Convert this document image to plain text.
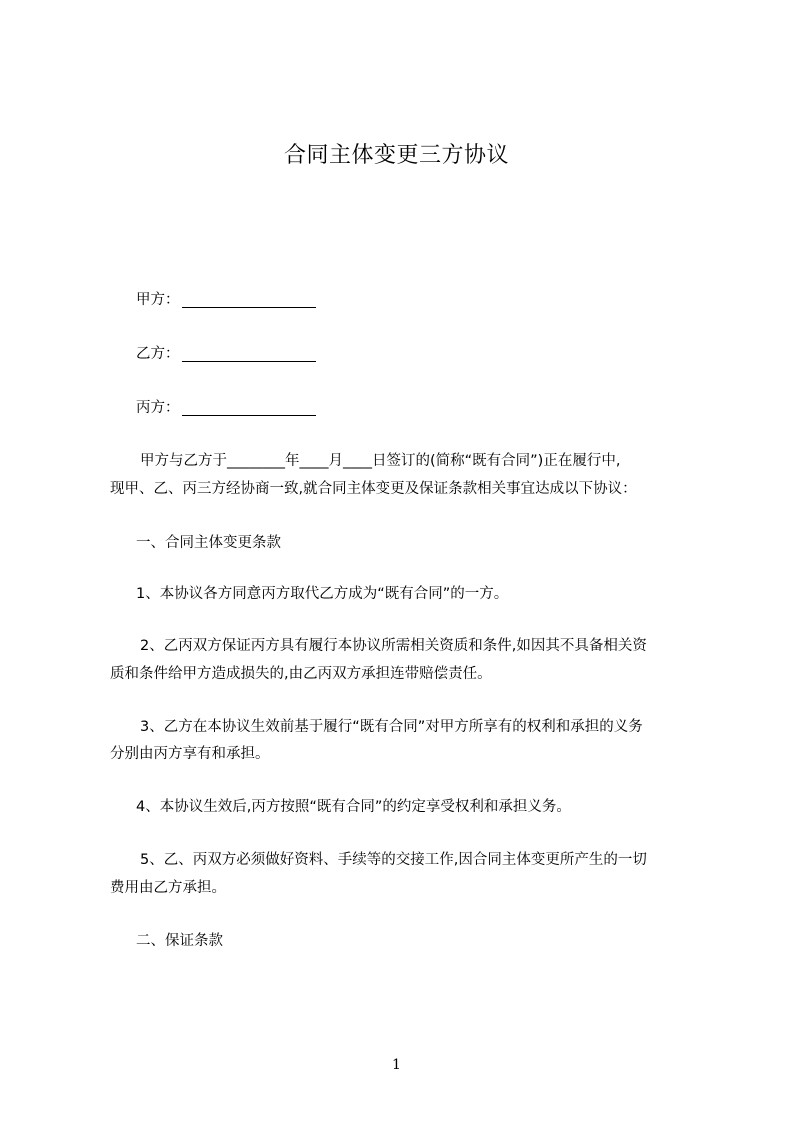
合同主体变更三方协议
甲方：
乙方：
丙方：
甲方与乙方于________年____月____日签订的(简称“既有合同”)正在履行中,
现甲、乙、丙三方经协商一致,就合同主体变更及保证条款相关事宜达成以下协议：
一、合同主体变更条款
1、本协议各方同意丙方取代乙方成为“既有合同”的一方。
2、乙丙双方保证丙方具有履行本协议所需相关资质和条件,如因其不具备相关资
质和条件给甲方造成损失的,由乙丙双方承担连带赔偿责任。
3、乙方在本协议生效前基于履行“既有合同”对甲方所享有的权利和承担的义务
分别由丙方享有和承担。
4、本协议生效后,丙方按照“既有合同”的约定享受权利和承担义务。
5、乙、丙双方必须做好资料、手续等的交接工作,因合同主体变更所产生的一切
费用由乙方承担。
二、保证条款
1
